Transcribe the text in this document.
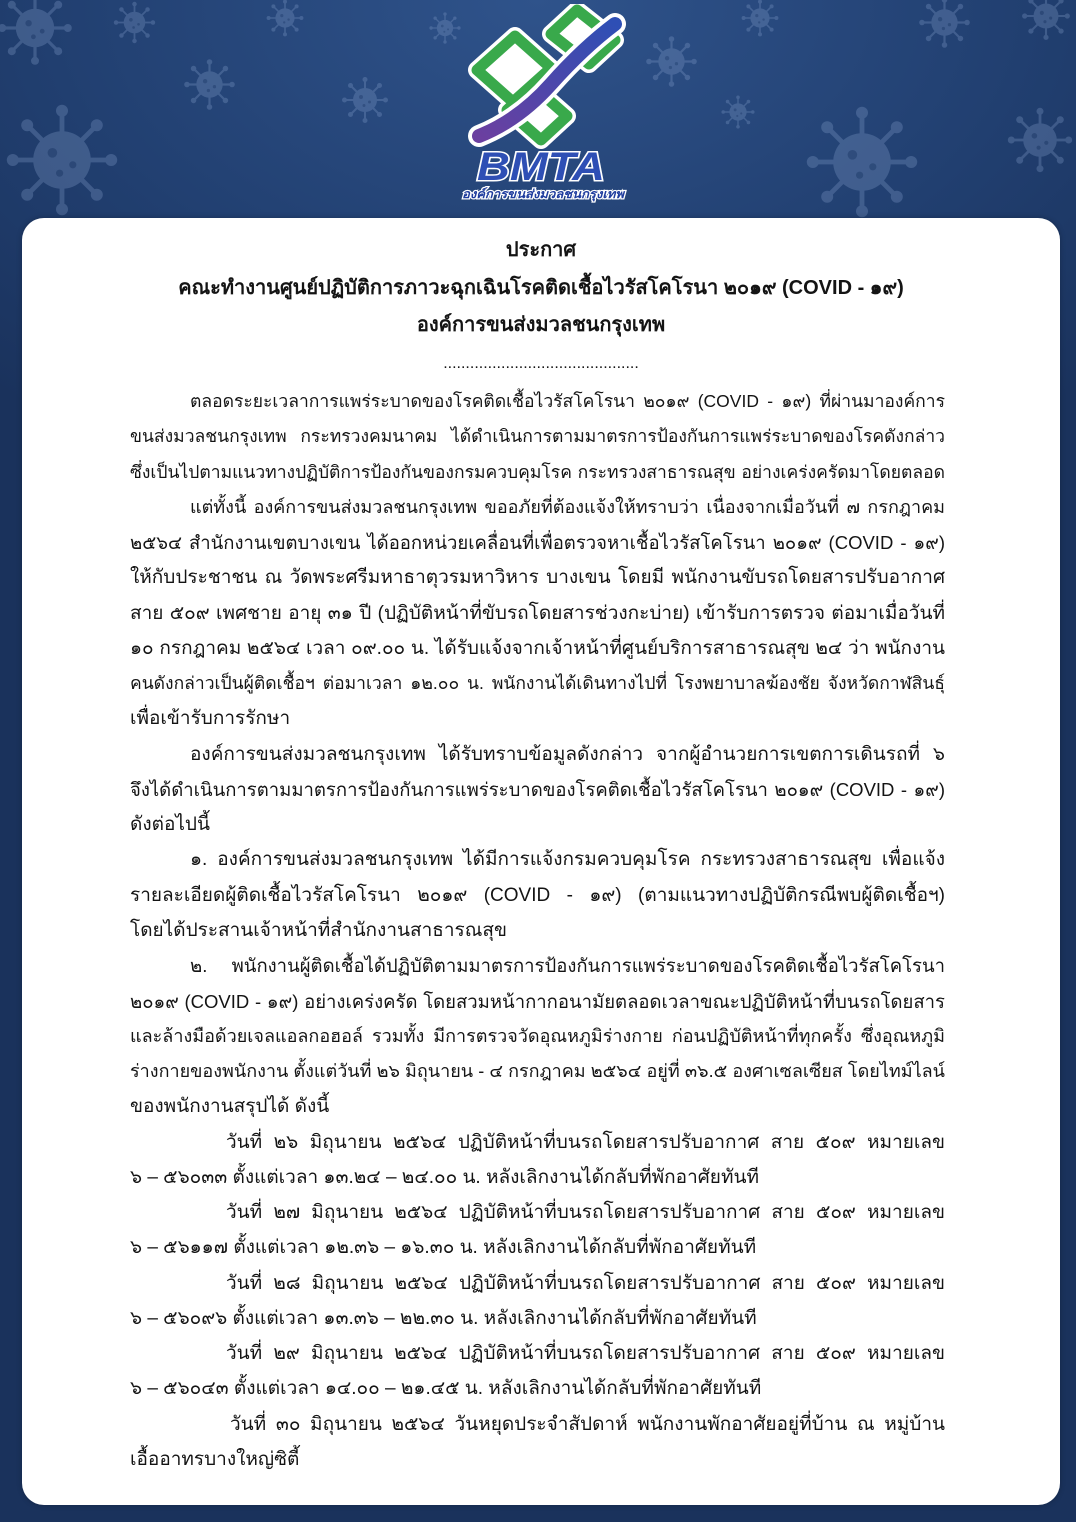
BMTA
องค์การขนส่งมวลชนกรุงเทพ
ประกาศ
คณะทำงานศูนย์ปฏิบัติการภาวะฉุกเฉินโรคติดเชื้อไวรัสโคโรนา ๒๐๑๙ (COVID - ๑๙)
องค์การขนส่งมวลชนกรุงเทพ
............................................
ตลอดระยะเวลาการแพร่ระบาดของโรคติดเชื้อไวรัสโคโรนา ๒๐๑๙ (COVID - ๑๙) ที่ผ่านมาองค์การ
ขนส่งมวลชนกรุงเทพ กระทรวงคมนาคม ได้ดำเนินการตามมาตรการป้องกันการแพร่ระบาดของโรคดังกล่าว
ซึ่งเป็นไปตามแนวทางปฏิบัติการป้องกันของกรมควบคุมโรค กระทรวงสาธารณสุข อย่างเคร่งครัดมาโดยตลอด
แต่ทั้งนี้ องค์การขนส่งมวลชนกรุงเทพ ขออภัยที่ต้องแจ้งให้ทราบว่า เนื่องจากเมื่อวันที่ ๗ กรกฎาคม
๒๕๖๔ สำนักงานเขตบางเขน ได้ออกหน่วยเคลื่อนที่เพื่อตรวจหาเชื้อไวรัสโคโรนา ๒๐๑๙ (COVID - ๑๙)
ให้กับประชาชน ณ วัดพระศรีมหาธาตุวรมหาวิหาร บางเขน โดยมี พนักงานขับรถโดยสารปรับอากาศ
สาย ๕๐๙ เพศชาย อายุ ๓๑ ปี (ปฏิบัติหน้าที่ขับรถโดยสารช่วงกะบ่าย) เข้ารับการตรวจ ต่อมาเมื่อวันที่
๑๐ กรกฎาคม ๒๕๖๔ เวลา ๐๙.๐๐ น. ได้รับแจ้งจากเจ้าหน้าที่ศูนย์บริการสาธารณสุข ๒๔ ว่า พนักงาน
คนดังกล่าวเป็นผู้ติดเชื้อฯ ต่อมาเวลา ๑๒.๐๐ น. พนักงานได้เดินทางไปที่ โรงพยาบาลฆ้องชัย จังหวัดกาฬสินธุ์
เพื่อเข้ารับการรักษา
องค์การขนส่งมวลชนกรุงเทพ ได้รับทราบข้อมูลดังกล่าว จากผู้อำนวยการเขตการเดินรถที่ ๖
จึงได้ดำเนินการตามมาตรการป้องกันการแพร่ระบาดของโรคติดเชื้อไวรัสโคโรนา ๒๐๑๙ (COVID - ๑๙)
ดังต่อไปนี้
๑. องค์การขนส่งมวลชนกรุงเทพ ได้มีการแจ้งกรมควบคุมโรค กระทรวงสาธารณสุข เพื่อแจ้ง
รายละเอียดผู้ติดเชื้อไวรัสโคโรนา ๒๐๑๙ (COVID - ๑๙) (ตามแนวทางปฏิบัติกรณีพบผู้ติดเชื้อฯ)
โดยได้ประสานเจ้าหน้าที่สำนักงานสาธารณสุข
๒. พนักงานผู้ติดเชื้อได้ปฏิบัติตามมาตรการป้องกันการแพร่ระบาดของโรคติดเชื้อไวรัสโคโรนา
๒๐๑๙ (COVID - ๑๙) อย่างเคร่งครัด โดยสวมหน้ากากอนามัยตลอดเวลาขณะปฏิบัติหน้าที่บนรถโดยสาร
และล้างมือด้วยเจลแอลกอฮอล์ รวมทั้ง มีการตรวจวัดอุณหภูมิร่างกาย ก่อนปฏิบัติหน้าที่ทุกครั้ง ซึ่งอุณหภูมิ
ร่างกายของพนักงาน ตั้งแต่วันที่ ๒๖ มิถุนายน - ๔ กรกฎาคม ๒๕๖๔ อยู่ที่ ๓๖.๕ องศาเซลเซียส โดยไทม์ไลน์
ของพนักงานสรุปได้ ดังนี้
วันที่ ๒๖ มิถุนายน ๒๕๖๔ ปฏิบัติหน้าที่บนรถโดยสารปรับอากาศ สาย ๕๐๙ หมายเลข
๖ – ๕๖๐๓๓ ตั้งแต่เวลา ๑๓.๒๔ – ๒๔.๐๐ น. หลังเลิกงานได้กลับที่พักอาศัยทันที
วันที่ ๒๗ มิถุนายน ๒๕๖๔ ปฏิบัติหน้าที่บนรถโดยสารปรับอากาศ สาย ๕๐๙ หมายเลข
๖ – ๕๖๑๑๗ ตั้งแต่เวลา ๑๒.๓๖ – ๑๖.๓๐ น. หลังเลิกงานได้กลับที่พักอาศัยทันที
วันที่ ๒๘ มิถุนายน ๒๕๖๔ ปฏิบัติหน้าที่บนรถโดยสารปรับอากาศ สาย ๕๐๙ หมายเลข
๖ – ๕๖๐๙๖ ตั้งแต่เวลา ๑๓.๓๖ – ๒๒.๓๐ น. หลังเลิกงานได้กลับที่พักอาศัยทันที
วันที่ ๒๙ มิถุนายน ๒๕๖๔ ปฏิบัติหน้าที่บนรถโดยสารปรับอากาศ สาย ๕๐๙ หมายเลข
๖ – ๕๖๐๔๓ ตั้งแต่เวลา ๑๔.๐๐ – ๒๑.๔๕ น. หลังเลิกงานได้กลับที่พักอาศัยทันที
วันที่ ๓๐ มิถุนายน ๒๕๖๔ วันหยุดประจำสัปดาห์ พนักงานพักอาศัยอยู่ที่บ้าน ณ หมู่บ้าน
เอื้ออาทรบางใหญ่ซิตี้
